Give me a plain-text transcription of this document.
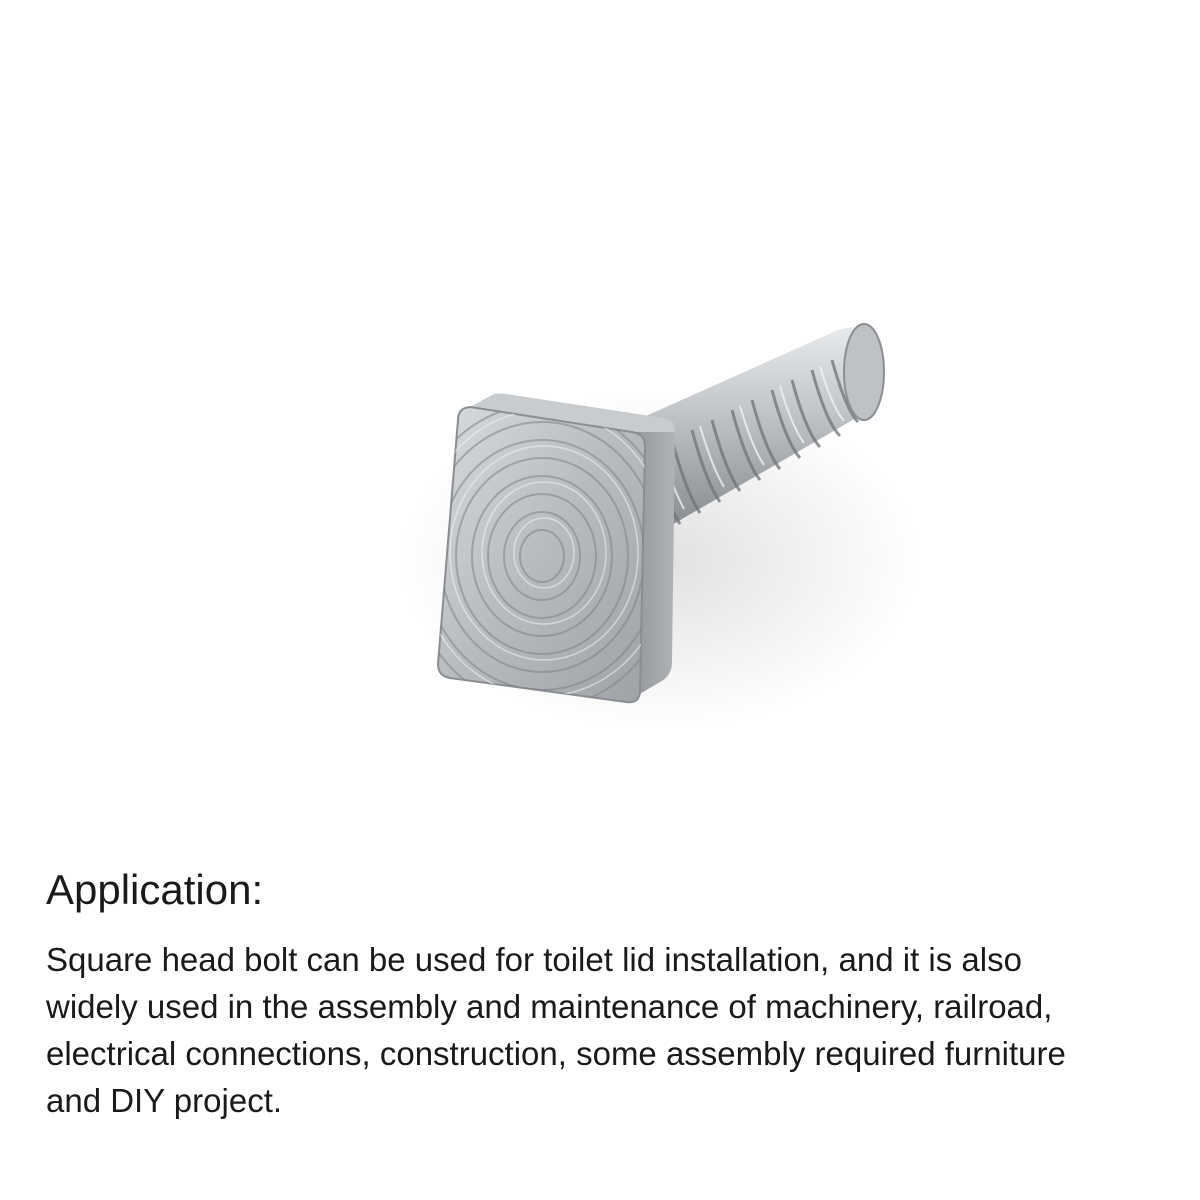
Application:

Square head bolt can be used for toilet lid installation, and it is also
widely used in the assembly and maintenance of machinery, railroad,
electrical connections, construction, some assembly required furniture
and DIY project.
